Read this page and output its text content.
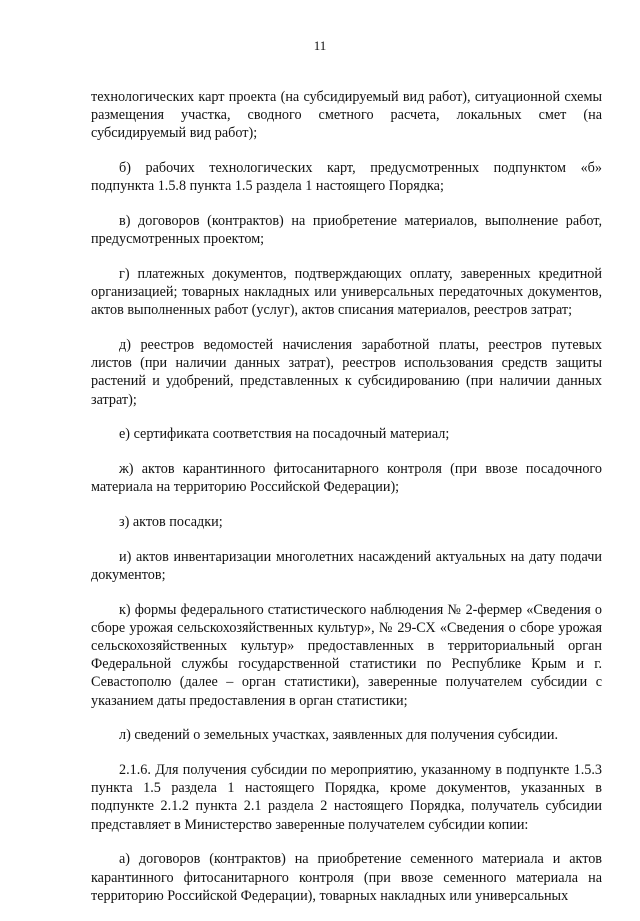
11

технологических карт проекта (на субсидируемый вид работ), ситуационной схемы размещения участка, сводного сметного расчета, локальных смет (на субсидируемый вид работ);

б) рабочих технологических карт, предусмотренных подпунктом «б» подпункта 1.5.8 пункта 1.5 раздела 1 настоящего Порядка;

в) договоров (контрактов) на приобретение материалов, выполнение работ, предусмотренных проектом;

г) платежных документов, подтверждающих оплату, заверенных кредитной организацией; товарных накладных или универсальных передаточных документов, актов выполненных работ (услуг), актов списания материалов, реестров затрат;

д) реестров ведомостей начисления заработной платы, реестров путевых листов (при наличии данных затрат), реестров использования средств защиты растений и удобрений, представленных к субсидированию (при наличии данных затрат);

е) сертификата соответствия на посадочный материал;

ж) актов карантинного фитосанитарного контроля (при ввозе посадочного материала на территорию Российской Федерации);

з) актов посадки;

и) актов инвентаризации многолетних насаждений актуальных на дату подачи документов;

к) формы федерального статистического наблюдения № 2-фермер «Сведения о сборе урожая сельскохозяйственных культур», № 29-СХ «Сведения о сборе урожая сельскохозяйственных культур» предоставленных в территориальный орган Федеральной службы государственной статистики по Республике Крым и г. Севастополю (далее – орган статистики), заверенные получателем субсидии с указанием даты предоставления в орган статистики;

л) сведений о земельных участках, заявленных для получения субсидии.

2.1.6. Для получения субсидии по мероприятию, указанному в подпункте 1.5.3 пункта 1.5 раздела 1 настоящего Порядка, кроме документов, указанных в подпункте 2.1.2 пункта 2.1 раздела 2 настоящего Порядка, получатель субсидии представляет в Министерство заверенные получателем субсидии копии:

а) договоров (контрактов) на приобретение семенного материала и актов карантинного фитосанитарного контроля (при ввозе семенного материала на территорию Российской Федерации), товарных накладных или универсальных
